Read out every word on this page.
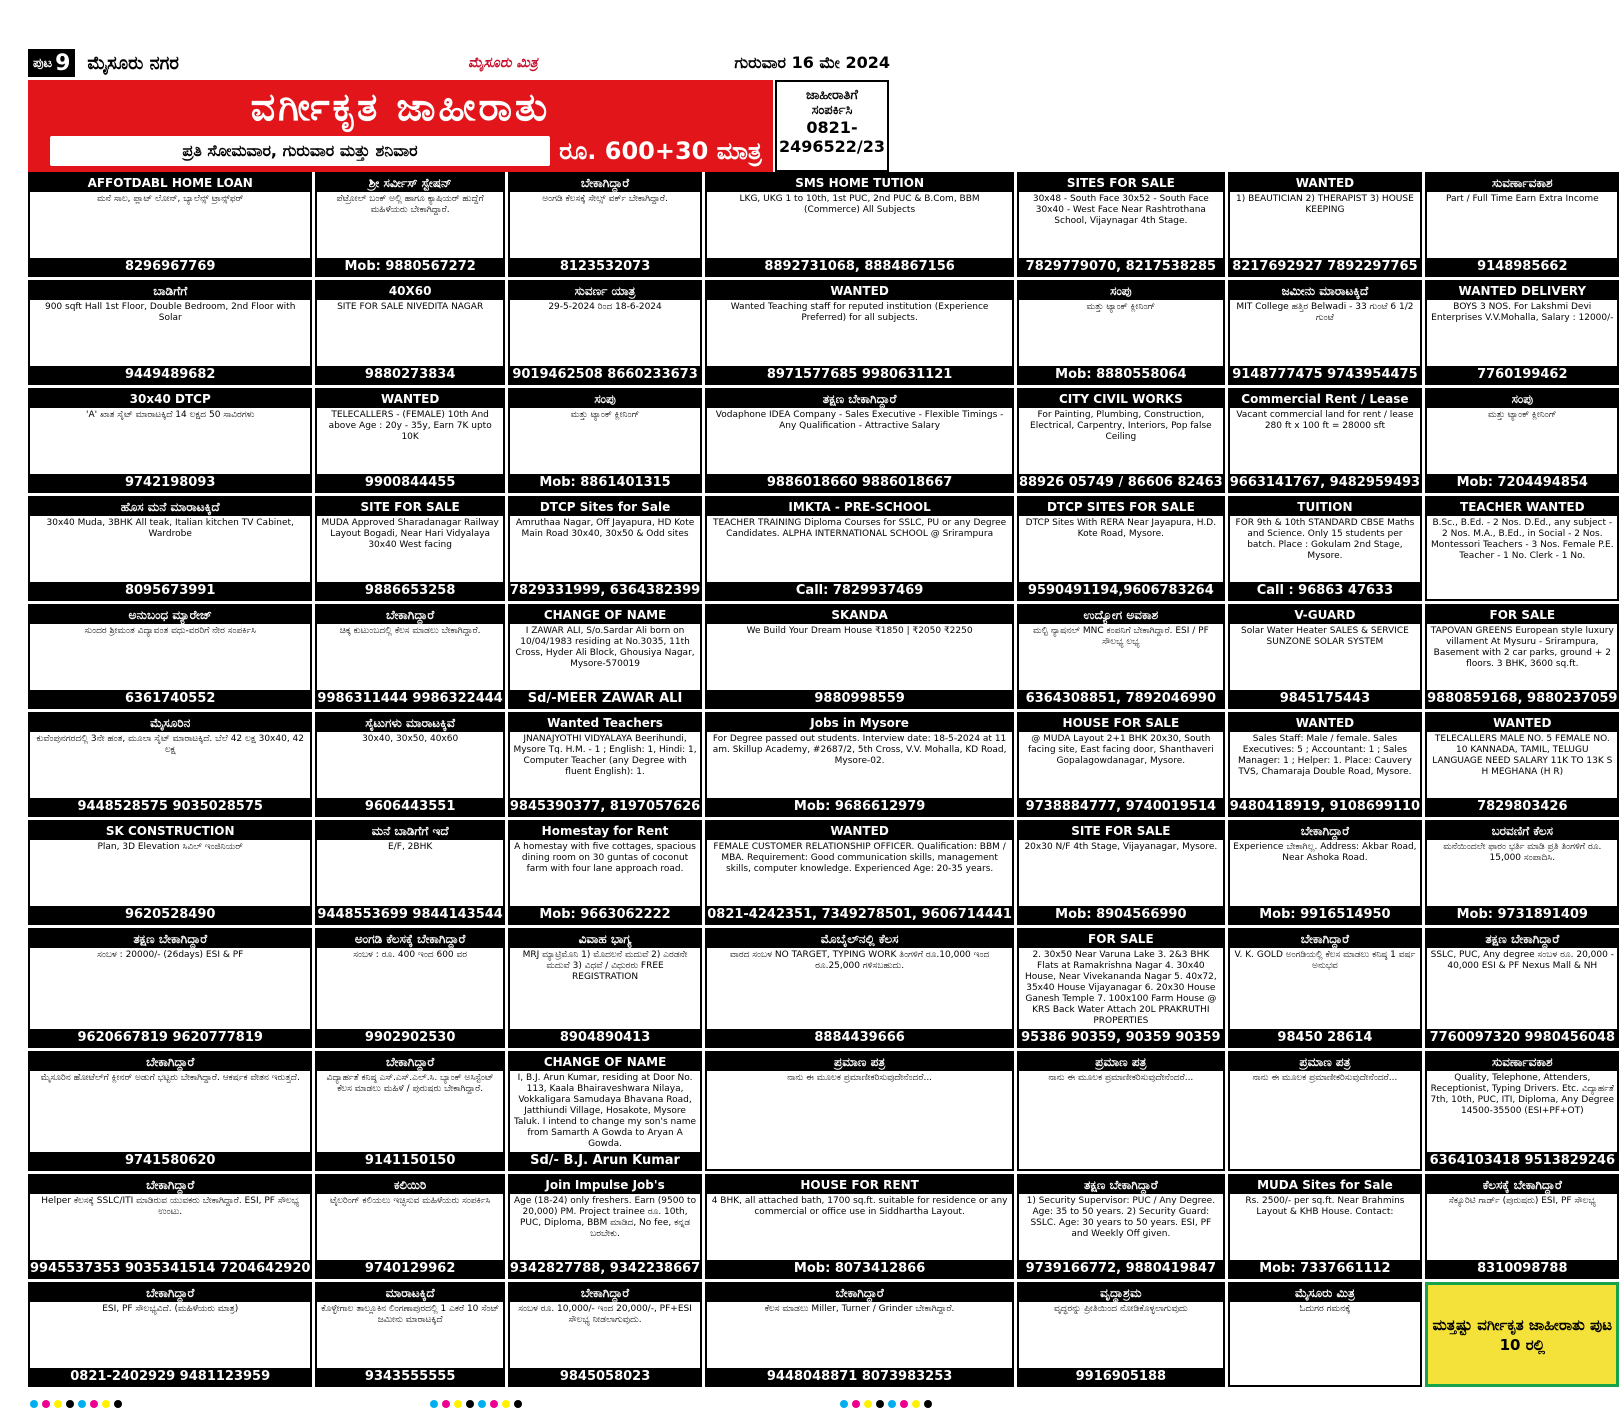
ಪುಟ 9 ಮೈಸೂರು ನಗರ	ಮೈಸೂರು ಮಿತ್ರ	ಗುರುವಾರ 16 ಮೇ 2024
ವರ್ಗೀಕೃತ ಜಾಹೀರಾತು
ಪ್ರತಿ ಸೋಮವಾರ, ಗುರುವಾರ ಮತ್ತು ಶನಿವಾರ	ರೂ. 600+30 ಮಾತ್ರ
ಜಾಹೀರಾತಿಗೆ
ಸಂಪರ್ಕಿಸಿ
0821-
2496522/23
AFFOTDABL HOME LOAN
ಮನೆ ಸಾಲ, ಪ್ಲಾಟ್ ಲೋನ್, ಬ್ಯಾಲೆನ್ಸ್ ಟ್ರಾನ್ಸ್‌ಫರ್
8296967769
ಶ್ರೀ ಸರ್ವೀಸ್ ಸ್ಟೇಷನ್
ಪೆಟ್ರೋಲ್ ಬಂಕ್ ಅಲ್ಲಿ ಹಾಗೂ ಕ್ಯಾಷಿಯರ್ ಹುದ್ದೆಗೆ ಮಹಿಳೆಯರು ಬೇಕಾಗಿದ್ದಾರೆ.
Mob: 9880567272
ಬೇಕಾಗಿದ್ದಾರೆ
ಅಂಗಡಿ ಕೆಲಸಕ್ಕೆ ಸೇಲ್ಸ್ ವರ್ಕ್ ಬೇಕಾಗಿದ್ದಾರೆ.
8123532073
SMS HOME TUTION
LKG, UKG 1 to 10th, 1st PUC, 2nd PUC & B.Com, BBM (Commerce) All Subjects
8892731068, 8884867156
SITES FOR SALE
30x48 - South Face 30x52 - South Face 30x40 - West Face Near Rashtrothana School, Vijaynagar 4th Stage.
7829779070, 8217538285
WANTED
1) BEAUTICIAN 2) THERAPIST 3) HOUSE KEEPING
8217692927 7892297765
ಸುವರ್ಣಾವಕಾಶ
Part / Full Time Earn Extra Income
9148985662
ಬಾಡಿಗೆಗೆ
900 sqft Hall 1st Floor, Double Bedroom, 2nd Floor with Solar
9449489682
40X60
SITE FOR SALE NIVEDITA NAGAR
9880273834
ಸುವರ್ಣ ಯಾತ್ರ
29-5-2024 ರಿಂದ 18-6-2024
9019462508 8660233673
WANTED
Wanted Teaching staff for reputed institution (Experience Preferred) for all subjects.
8971577685 9980631121
ಸಂಪು
ಮತ್ತು ಟ್ಯಾಂಕ್ ಕ್ಲೀನಿಂಗ್
Mob: 8880558064
ಜಮೀನು ಮಾರಾಟಕ್ಕಿದೆ
MIT College ಹತ್ತಿರ Belwadi - 33 ಗುಂಟೆ 6 1/2 ಗುಂಟೆ
9148777475 9743954475
WANTED DELIVERY
BOYS 3 NOS. For Lakshmi Devi Enterprises V.V.Mohalla, Salary : 12000/-
7760199462
30x40 DTCP
'A' ಖಾತ ಸೈಟ್ ಮಾರಾಟಕ್ಕಿದೆ 14 ಲಕ್ಷದ 50 ಸಾವಿರಗಳು
9742198093
WANTED
TELECALLERS - (FEMALE) 10th And above Age : 20y - 35y, Earn 7K upto 10K
9900844455
ಸಂಪು
ಮತ್ತು ಟ್ಯಾಂಕ್ ಕ್ಲೀನಿಂಗ್
Mob: 8861401315
ತಕ್ಷಣ ಬೇಕಾಗಿದ್ದಾರೆ
Vodaphone IDEA Company - Sales Executive - Flexible Timings - Any Qualification - Attractive Salary
9886018660 9886018667
CITY CIVIL WORKS
For Painting, Plumbing, Construction, Electrical, Carpentry, Interiors, Pop false Ceiling
88926 05749 / 86606 82463
Commercial Rent / Lease
Vacant commercial land for rent / lease 280 ft x 100 ft = 28000 sft
9663141767, 9482959493
ಸಂಪು
ಮತ್ತು ಟ್ಯಾಂಕ್ ಕ್ಲೀನಿಂಗ್
Mob: 7204494854
ಹೊಸ ಮನೆ ಮಾರಾಟಕ್ಕಿದೆ
30x40 Muda, 3BHK All teak, Italian kitchen TV Cabinet, Wardrobe
8095673991
SITE FOR SALE
MUDA Approved Sharadanagar Railway Layout Bogadi, Near Hari Vidyalaya 30x40 West facing
9886653258
DTCP Sites for Sale
Amruthaa Nagar, Off Jayapura, HD Kote Main Road 30x40, 30x50 & Odd sites
7829331999, 6364382399
IMKTA - PRE-SCHOOL
TEACHER TRAINING Diploma Courses for SSLC, PU or any Degree Candidates. ALPHA INTERNATIONAL SCHOOL @ Srirampura
Call: 7829937469
DTCP SITES FOR SALE
DTCP Sites With RERA Near Jayapura, H.D. Kote Road, Mysore.
9590491194,9606783264
TUITION
FOR 9th & 10th STANDARD CBSE Maths and Science. Only 15 students per batch. Place : Gokulam 2nd Stage, Mysore.
Call : 96863 47633
TEACHER WANTED
B.Sc., B.Ed. - 2 Nos. D.Ed., any subject - 2 Nos. M.A., B.Ed., in Social - 2 Nos. Montessori Teachers - 3 Nos. Female P.E. Teacher - 1 No. Clerk - 1 No.
ಅನುಬಂಧ ಮ್ಯಾರೇಜ್
ಸುಂದರ ಶ್ರೀಮಂತ ವಿದ್ಯಾವಂತ ವಧು-ವರರಿಗೆ ನೇರ ಸಂಪರ್ಕಿಸಿ
6361740552
ಬೇಕಾಗಿದ್ದಾರೆ
ಚಿಕ್ಕ ಕುಟುಂಬದಲ್ಲಿ ಕೆಲಸ ಮಾಡಲು ಬೇಕಾಗಿದ್ದಾರೆ.
9986311444 9986322444
CHANGE OF NAME
I ZAWAR ALI, S/o.Sardar Ali born on 10/04/1983 residing at No.3035, 11th Cross, Hyder Ali Block, Ghousiya Nagar, Mysore-570019
Sd/-MEER ZAWAR ALI
SKANDA
We Build Your Dream House ₹1850 | ₹2050 ₹2250
9880998559
ಉದ್ಯೋಗ ಅವಕಾಶ
ಮಲ್ಟಿ ನ್ಯಾಷನಲ್ MNC ಕಂಪನಿಗೆ ಬೇಕಾಗಿದ್ದಾರೆ. ESI / PF ಸೌಲಭ್ಯ ಲಭ್ಯ
6364308851, 7892046990
V-GUARD
Solar Water Heater SALES & SERVICE SUNZONE SOLAR SYSTEM
9845175443
FOR SALE
TAPOVAN GREENS European style luxury villament At Mysuru - Srirampura, Basement with 2 car parks, ground + 2 floors. 3 BHK, 3600 sq.ft.
9880859168, 9880237059
ಮೈಸೂರಿನ
ಕುವೆಂಪುನಗರದಲ್ಲಿ 3ನೇ ಹಂತ, ಮೂಲಾ ಸೈಟ್ ಮಾರಾಟಕ್ಕಿದೆ. ಬೆಲೆ 42 ಲಕ್ಷ 30x40, 42 ಲಕ್ಷ
9448528575 9035028575
ಸೈಟುಗಳು ಮಾರಾಟಕ್ಕಿವೆ
30x40, 30x50, 40x60
9606443551
Wanted Teachers
JNANAJYOTHI VIDYALAYA Beerihundi, Mysore Tq. H.M. - 1 ; English: 1, Hindi: 1, Computer Teacher (any Degree with fluent English): 1.
9845390377, 8197057626
Jobs in Mysore
For Degree passed out students. Interview date: 18-5-2024 at 11 am. Skillup Academy, #2687/2, 5th Cross, V.V. Mohalla, KD Road, Mysore-02.
Mob: 9686612979
HOUSE FOR SALE
@ MUDA Layout 2+1 BHK 20x30, South facing site, East facing door, Shanthaveri Gopalagowdanagar, Mysore.
9738884777, 9740019514
WANTED
Sales Staff: Male / female. Sales Executives: 5 ; Accountant: 1 ; Sales Manager: 1 ; Helper: 1. Place: Cauvery TVS, Chamaraja Double Road, Mysore.
9480418919, 9108699110
WANTED
TELECALLERS MALE NO. 5 FEMALE NO. 10 KANNADA, TAMIL, TELUGU LANGUAGE NEED SALARY 11K TO 13K S H MEGHANA (H R)
7829803426
SK CONSTRUCTION
Plan, 3D Elevation ಸಿವಿಲ್ ಇಂಜಿನಿಯರ್
9620528490
ಮನೆ ಬಾಡಿಗೆಗೆ ಇದೆ
E/F, 2BHK
9448553699 9844143544
Homestay for Rent
A homestay with five cottages, spacious dining room on 30 guntas of coconut farm with four lane approach road.
Mob: 9663062222
WANTED
FEMALE CUSTOMER RELATIONSHIP OFFICER. Qualification: BBM / MBA. Requirement: Good communication skills, management skills, computer knowledge. Experienced Age: 20-35 years.
0821-4242351, 7349278501, 9606714441
SITE FOR SALE
20x30 N/F 4th Stage, Vijayanagar, Mysore.
Mob: 8904566990
ಬೇಕಾಗಿದ್ದಾರೆ
Experience ಬೇಕಾಗಿಲ್ಲ. Address: Akbar Road, Near Ashoka Road.
Mob: 9916514950
ಬರವಣಿಗೆ ಕೆಲಸ
ಮನೆಯಿಂದಲೇ ಫಾರಂ ಭರ್ತಿ ಮಾಡಿ ಪ್ರತಿ ತಿಂಗಳಿಗೆ ರೂ. 15,000 ಸಂಪಾದಿಸಿ.
Mob: 9731891409
ತಕ್ಷಣ ಬೇಕಾಗಿದ್ದಾರೆ
ಸಂಬಳ : 20000/- (26days) ESI & PF
9620667819 9620777819
ಅಂಗಡಿ ಕೆಲಸಕ್ಕೆ ಬೇಕಾಗಿದ್ದಾರೆ
ಸಂಬಳ : ರೂ. 400 ಇಂದ 600 ವರ
9902902530
ವಿವಾಹ ಭಾಗ್ಯ
MRJ ಮ್ಯಾಟ್ರಿಮೊನಿ 1) ಮೊದಲನೆ ಮದುವೆ 2) ಎರಡನೇ ಮದುವೆ 3) ವಿಧವೆ / ವಿಧುರರು FREE REGISTRATION
8904890413
ಮೊಬೈಲ್‌ನಲ್ಲಿ ಕೆಲಸ
ವಾರದ ಸಂಬಳ NO TARGET, TYPING WORK ತಿಂಗಳಿಗೆ ರೂ.10,000 ಇಂದ ರೂ.25,000 ಗಳಿಸಬಹುದು.
8884439666
FOR SALE
2. 30x50 Near Varuna Lake 3. 2&3 BHK Flats at Ramakrishna Nagar 4. 30x40 House, Near Vivekananda Nagar 5. 40x72, 35x40 House Vijayanagar 6. 20x30 House Ganesh Temple 7. 100x100 Farm House @ KRS Back Water Attach 20L PRAKRUTHI PROPERTIES
95386 90359, 90359 90359
ಬೇಕಾಗಿದ್ದಾರೆ
V. K. GOLD ಅಂಗಡಿಯಲ್ಲಿ ಕೆಲಸ ಮಾಡಲು ಕನಿಷ್ಠ 1 ವರ್ಷ ಅನುಭವ
98450 28614
ತಕ್ಷಣ ಬೇಕಾಗಿದ್ದಾರೆ
SSLC, PUC, Any degree ಸಂಬಳ ರೂ. 20,000 - 40,000 ESI & PF Nexus Mall & NH
7760097320 9980456048
ಬೇಕಾಗಿದ್ದಾರೆ
ಮೈಸೂರಿನ ಹೋಟೆಲ್‌ಗೆ ಕ್ಲೀನರ್ ಅಡುಗೆ ಭಟ್ಟರು ಬೇಕಾಗಿದ್ದಾರೆ. ಆಕರ್ಷಕ ವೇತನ ಇರುತ್ತದೆ.
9741580620
ಬೇಕಾಗಿದ್ದಾರೆ
ವಿದ್ಯಾರ್ಹತೆ ಕನಿಷ್ಠ ಎಸ್.ಎಸ್.ಎಲ್.ಸಿ. ಬ್ಯಾಂಕ್ ಅಸಿಸ್ಟೆಂಟ್ ಕೆಲಸ ಮಾಡಲು ಮಹಿಳೆ / ಪುರುಷರು ಬೇಕಾಗಿದ್ದಾರೆ.
9141150150
CHANGE OF NAME
I, B.J. Arun Kumar, residing at Door No. 113, Kaala Bhairaveshwara Nilaya, Vokkaligara Samudaya Bhavana Road, Jatthiundi Village, Hosakote, Mysore Taluk. I intend to change my son's name from Samarth A Gowda to Aryan A Gowda.
Sd/- B.J. Arun Kumar
ಪ್ರಮಾಣ ಪತ್ರ
ನಾನು ಈ ಮೂಲಕ ಪ್ರಮಾಣೀಕರಿಸುವುದೇನೆಂದರೆ...
ಪ್ರಮಾಣ ಪತ್ರ
ನಾನು ಈ ಮೂಲಕ ಪ್ರಮಾಣೀಕರಿಸುವುದೇನೆಂದರೆ...
ಪ್ರಮಾಣ ಪತ್ರ
ನಾನು ಈ ಮೂಲಕ ಪ್ರಮಾಣೀಕರಿಸುವುದೇನೆಂದರೆ...
ಸುವರ್ಣಾವಕಾಶ
Quality, Telephone, Attenders, Receptionist, Typing Drivers. Etc. ವಿದ್ಯಾರ್ಹತೆ 7th, 10th, PUC, ITI, Diploma, Any Degree 14500-35500 (ESI+PF+OT)
6364103418 9513829246
ಬೇಕಾಗಿದ್ದಾರೆ
Helper ಕೆಲಸಕ್ಕೆ SSLC/ITI ಮಾಡಿರುವ ಯುವಕರು ಬೇಕಾಗಿದ್ದಾರೆ. ESI, PF ಸೌಲಭ್ಯ ಉಂಟು.
9945537353 9035341514 7204642920
ಕಲಿಯಿರಿ
ಟೈಲರಿಂಗ್ ಕಲಿಯಲು ಇಚ್ಛಿಸುವ ಮಹಿಳೆಯರು ಸಂಪರ್ಕಿಸಿ
9740129962
Join Impulse Job's
Age (18-24) only freshers. Earn (9500 to 20,000) PM. Project trainee ರೂ. 10th, PUC, Diploma, BBM ಮಾಡಿದ, No fee, ಕನ್ನಡ ಬರಬೇಕು.
9342827788, 9342238667
HOUSE FOR RENT
4 BHK, all attached bath, 1700 sq.ft. suitable for residence or any commercial or office use in Siddhartha Layout.
Mob: 8073412866
ತಕ್ಷಣ ಬೇಕಾಗಿದ್ದಾರೆ
1) Security Supervisor: PUC / Any Degree. Age: 35 to 50 years. 2) Security Guard: SSLC. Age: 30 years to 50 years. ESI, PF and Weekly Off given.
9739166772, 9880419847
MUDA Sites for Sale
Rs. 2500/- per sq.ft. Near Brahmins Layout & KHB House. Contact:
Mob: 7337661112
ಕೆಲಸಕ್ಕೆ ಬೇಕಾಗಿದ್ದಾರೆ
ಸೆಕ್ಯೂರಿಟಿ ಗಾರ್ಡ್ (ಪುರುಷರು) ESI, PF ಸೌಲಭ್ಯ
8310098788
ಬೇಕಾಗಿದ್ದಾರೆ
ESI, PF ಸೌಲಭ್ಯವಿದೆ. (ಮಹಿಳೆಯರು ಮಾತ್ರ)
0821-2402929 9481123959
ಮಾರಾಟಕ್ಕಿದೆ
ಕೊಳ್ಳೇಗಾಲ ತಾಲ್ಲೂಕಿನ ಲಿಂಗಣಾಪುರದಲ್ಲಿ 1 ಎಕರೆ 10 ಸೆಂಟ್ ಜಮೀನು ಮಾರಾಟಕ್ಕಿದೆ
9343555555
ಬೇಕಾಗಿದ್ದಾರೆ
ಸಂಬಳ ರೂ. 10,000/- ಇಂದ 20,000/-, PF+ESI ಸೌಲಭ್ಯ ನೀಡಲಾಗುವುದು.
9845058023
ಬೇಕಾಗಿದ್ದಾರೆ
ಕೆಲಸ ಮಾಡಲು Miller, Turner / Grinder ಬೇಕಾಗಿದ್ದಾರೆ.
9448048871 8073983253
ವೃದ್ಧಾಶ್ರಮ
ವೃದ್ಧರನ್ನು ಪ್ರೀತಿಯಿಂದ ನೋಡಿಕೊಳ್ಳಲಾಗುವುದು
9916905188
ಮೈಸೂರು ಮಿತ್ರ
ಓದುಗರ ಗಮನಕ್ಕೆ
ಮತ್ತಷ್ಟು ವರ್ಗೀಕೃತ ಜಾಹೀರಾತು ಪುಟ 10 ರಲ್ಲಿ
